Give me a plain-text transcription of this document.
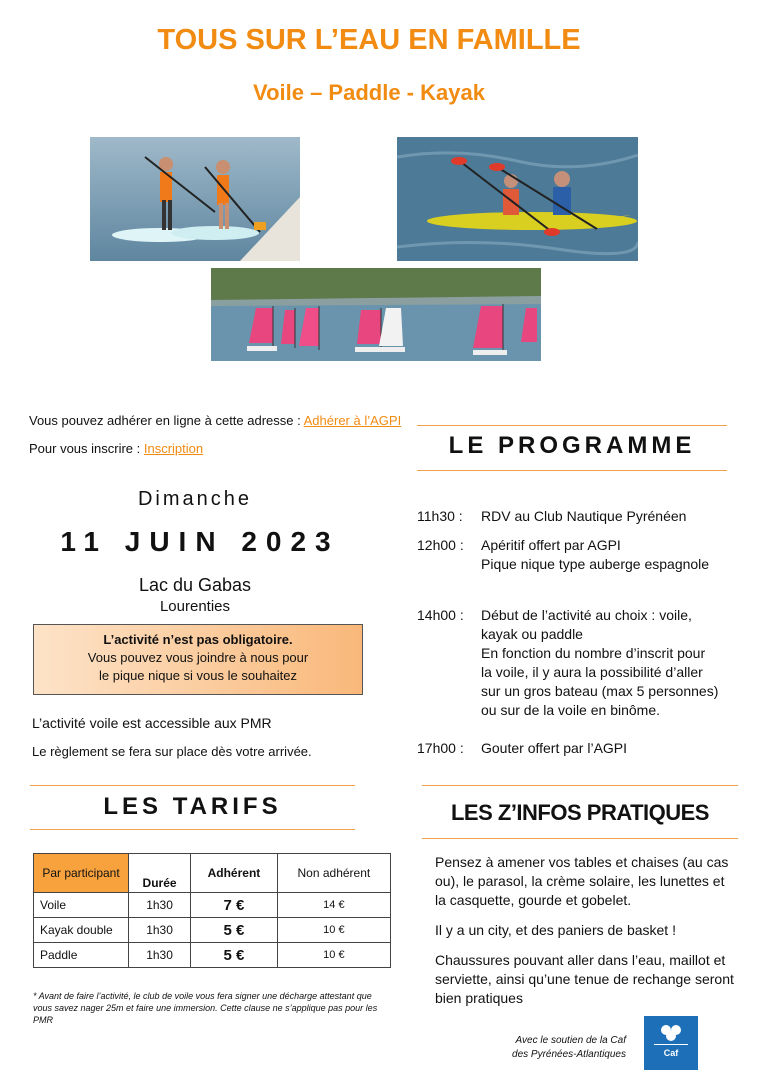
TOUS SUR L’EAU EN FAMILLE
Voile – Paddle - Kayak
Vous pouvez adhérer en ligne à cette adresse : Adhérer à l’AGPI
Pour vous inscrire : Inscription
Dimanche
11 JUIN 2023
Lac du Gabas
Lourenties
L’activité n’est pas obligatoire.
Vous pouvez vous joindre à nous pour
le pique nique si vous le souhaitez
L’activité voile est accessible aux PMR
Le règlement se fera sur place dès votre arrivée.
LE PROGRAMME
11h30 :	RDV au Club Nautique Pyrénéen
12h00 :	Apéritif offert par AGPI
Pique nique type auberge espagnole
14h00 :	Début de l’activité au choix : voile,
kayak ou paddle
En fonction du nombre d’inscrit pour
la voile, il y aura la possibilité d’aller
sur un gros bateau (max 5 personnes)
ou sur de la voile en binôme.
17h00 :	Gouter offert par l’AGPI
LES TARIFS
Par participant	Durée	Adhérent	Non adhérent
Voile	1h30	7 €	14 €
Kayak double	1h30	5 €	10 €
Paddle	1h30	5 €	10 €
* Avant de faire l’activité, le club de voile vous fera signer une décharge attestant que vous savez nager 25m et faire une immersion. Cette clause ne s’applique pas pour les PMR
LES Z’INFOS PRATIQUES

Pensez à amener vos tables et chaises (au cas ou), le parasol, la crème solaire, les lunettes et la casquette, gourde et gobelet.

Il y a un city, et des paniers de basket !

Chaussures pouvant aller dans l’eau, maillot et serviette, ainsi qu’une tenue de rechange seront bien pratiques

Avec le soutien de la Caf
des Pyrénées-Atlantiques	Caf
